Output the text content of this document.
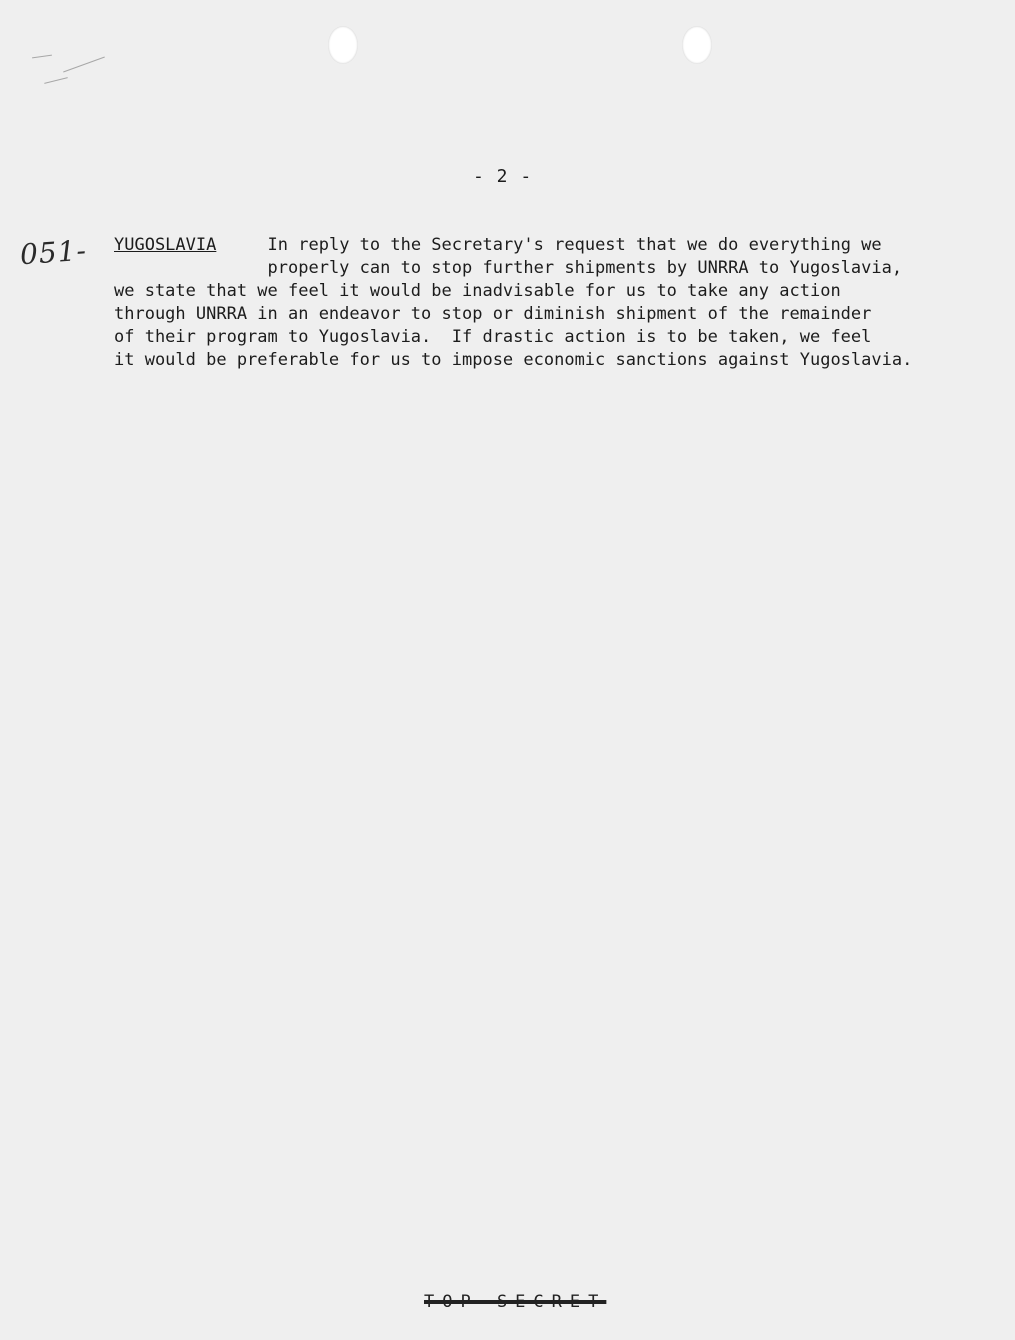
- 2 -
051- YUGOSLAVIA	In reply to the Secretary's request that we do everything we
properly can to stop further shipments by UNRRA to Yugoslavia,
we state that we feel it would be inadvisable for us to take any action
through UNRRA in an endeavor to stop or diminish shipment of the remainder
of their program to Yugoslavia.  If drastic action is to be taken, we feel
it would be preferable for us to impose economic sanctions against Yugoslavia.
TOP SECRET
